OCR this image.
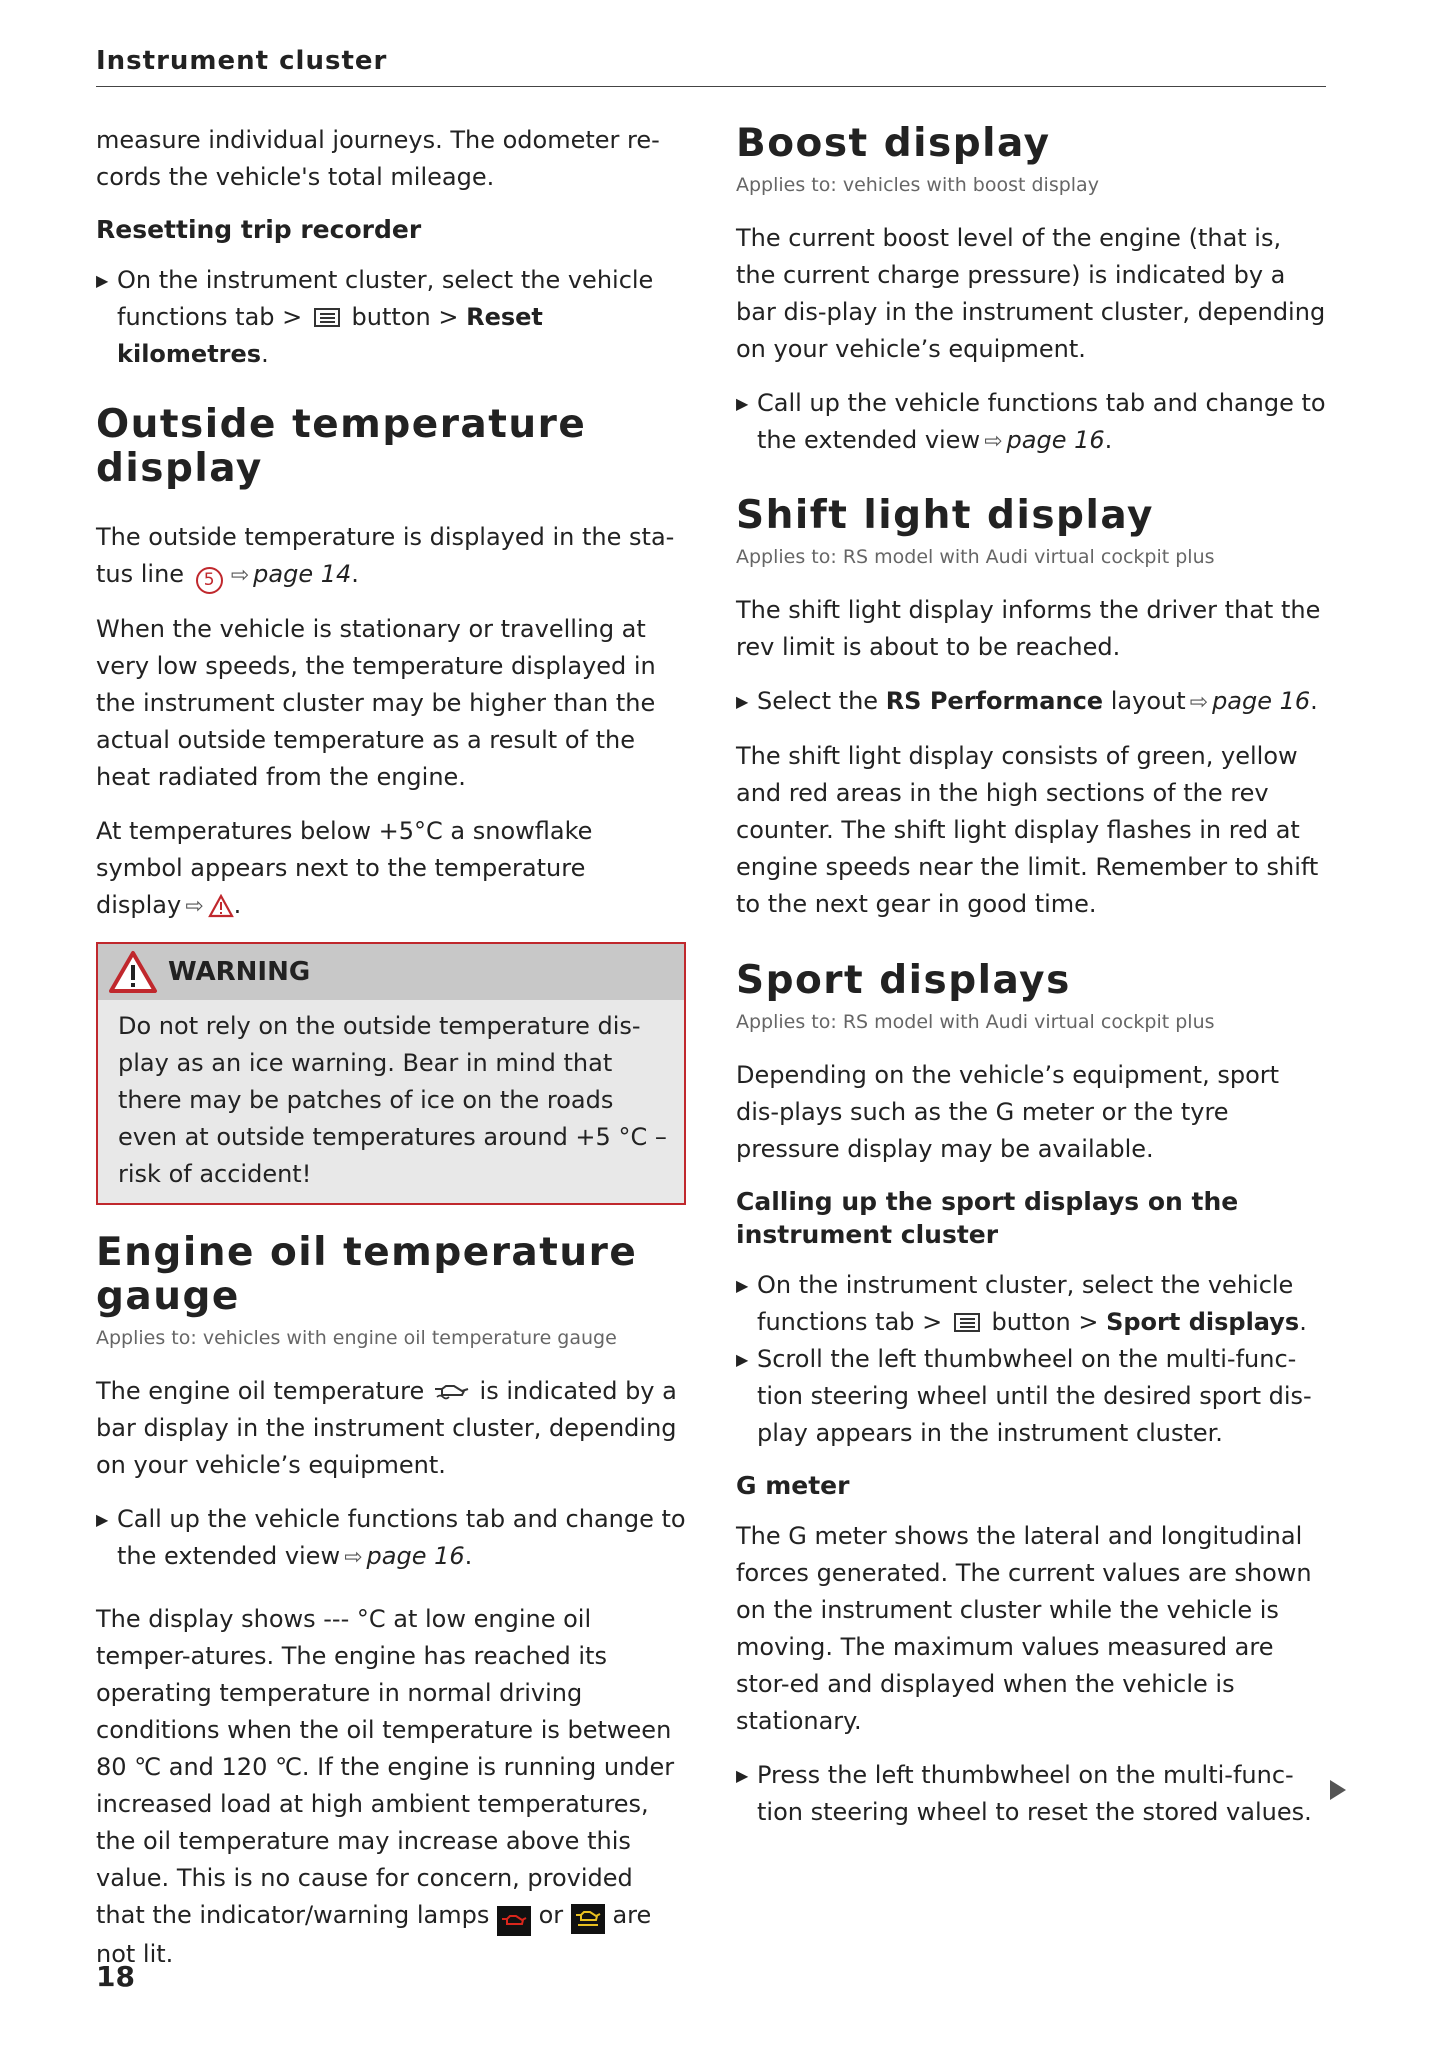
Instrument cluster

measure individual journeys. The odometer re-cords the vehicle's total mileage.

Resetting trip recorder
▶ On the instrument cluster, select the vehicle functions tab > button > Reset kilometres.
Outside temperature display

The outside temperature is displayed in the sta-tus line 5 ⇨ page 14.

When the vehicle is stationary or travelling at very low speeds, the temperature displayed in the instrument cluster may be higher than the actual outside temperature as a result of the heat radiated from the engine.

At temperatures below +5°C a snowflake symbol appears next to the temperature display ⇨ .

WARNING
Do not rely on the outside temperature dis-play as an ice warning. Bear in mind that there may be patches of ice on the roads even at outside temperatures around +5 °C – risk of accident!
Engine oil temperature gauge
Applies to: vehicles with engine oil temperature gauge

The engine oil temperature is indicated by a bar display in the instrument cluster, depending on your vehicle’s equipment.

▶ Call up the vehicle functions tab and change to the extended view ⇨ page 16.

The display shows --- °C at low engine oil temper-atures. The engine has reached its operating temperature in normal driving conditions when the oil temperature is between 80 ℃ and 120 ℃. If the engine is running under increased load at high ambient temperatures, the oil temperature may increase above this value. This is no cause for concern, provided that the indicator/warning lamps or are not lit.

Boost display
Applies to: vehicles with boost display

The current boost level of the engine (that is, the current charge pressure) is indicated by a bar dis-play in the instrument cluster, depending on your vehicle’s equipment.

▶ Call up the vehicle functions tab and change to the extended view ⇨ page 16.
Shift light display
Applies to: RS model with Audi virtual cockpit plus

The shift light display informs the driver that the rev limit is about to be reached.

▶ Select the RS Performance layout ⇨ page 16.

The shift light display consists of green, yellow and red areas in the high sections of the rev counter. The shift light display flashes in red at engine speeds near the limit. Remember to shift to the next gear in good time.

Sport displays
Applies to: RS model with Audi virtual cockpit plus

Depending on the vehicle’s equipment, sport dis-plays such as the G meter or the tyre pressure display may be available.

Calling up the sport displays on the instrument cluster
▶ On the instrument cluster, select the vehicle functions tab > button > Sport displays.
▶ Scroll the left thumbwheel on the multi-func-tion steering wheel until the desired sport dis-play appears in the instrument cluster.
G meter

The G meter shows the lateral and longitudinal forces generated. The current values are shown on the instrument cluster while the vehicle is moving. The maximum values measured are stor-ed and displayed when the vehicle is stationary.

▶ Press the left thumbwheel on the multi-func-tion steering wheel to reset the stored values.
18
